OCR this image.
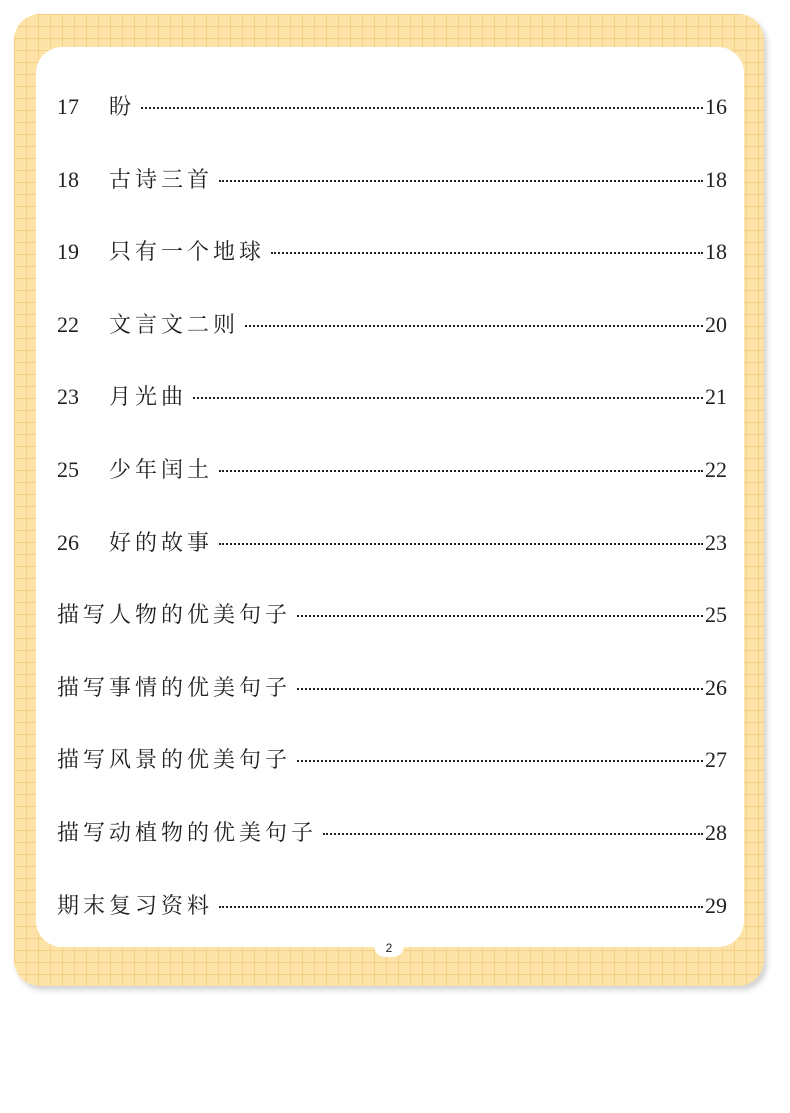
17	盼	16
18	古诗三首	18
19	只有一个地球	18
22	文言文二则	20
23	月光曲	21
25	少年闰土	22
26	好的故事	23
描写人物的优美句子	25
描写事情的优美句子	26
描写风景的优美句子	27
描写动植物的优美句子	28
期末复习资料	29
2
